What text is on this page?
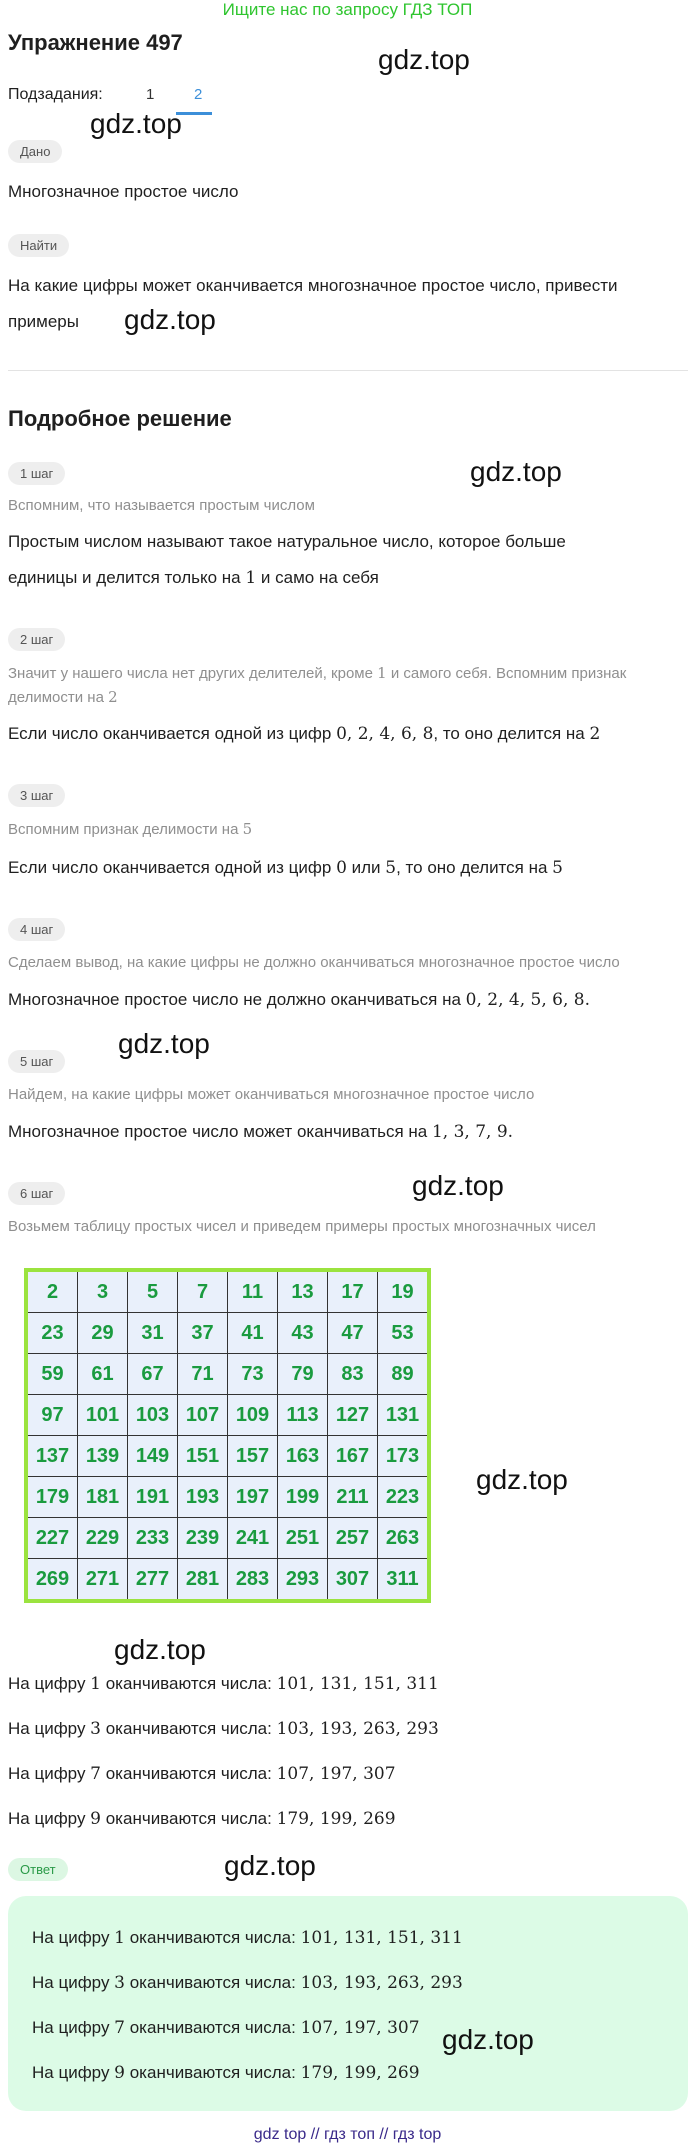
Ищите нас по запросу ГДЗ ТОП
Упражнение 497
gdz.top
Подзадания:	1	2
gdz.top
Дано
Многозначное простое число
Найти
На какие цифры может оканчивается многозначное простое число, привести
примеры gdz.top
Подробное решение
1 шаг	gdz.top
Вспомним, что называется простым числом
Простым числом называют такое натуральное число, которое больше
единицы и делится только на 1 и само на себя
2 шаг
Значит у нашего числа нет других делителей, кроме 1 и самого себя. Вспомним признак
делимости на 2
Если число оканчивается одной из цифр 0, 2, 4, 6, 8, то оно делится на 2
3 шаг
Вспомним признак делимости на 5
Если число оканчивается одной из цифр 0 или 5, то оно делится на 5
4 шаг
Сделаем вывод, на какие цифры не должно оканчиваться многозначное простое число
Многозначное простое число не должно оканчиваться на 0, 2, 4, 5, 6, 8.
5 шаг
gdz.top
Найдем, на какие цифры может оканчиваться многозначное простое число
Многозначное простое число может оканчиваться на 1, 3, 7, 9.
6 шаг	gdz.top
Возьмем таблицу простых чисел и приведем примеры простых многозначных чисел
2	3	5	7	11	13	17	19
23	29	31	37	41	43	47	53
59	61	67	71	73	79	83	89
97	101	103	107	109	113	127	131
137	139	149	151	157	163	167	173
179	181	191	193	197	199	211	223
227	229	233	239	241	251	257	263
269	271	277	281	283	293	307	311
gdz.top
gdz.top
На цифру 1 оканчиваются числа: 101, 131, 151, 311
На цифру 3 оканчиваются числа: 103, 193, 263, 293
На цифру 7 оканчиваются числа: 107, 197, 307
На цифру 9 оканчиваются числа: 179, 199, 269
Ответ	gdz.top
На цифру 1 оканчиваются числа: 101, 131, 151, 311
На цифру 3 оканчиваются числа: 103, 193, 263, 293
На цифру 7 оканчиваются числа: 107, 197, 307 gdz.top
На цифру 9 оканчиваются числа: 179, 199, 269
gdz top // гдз топ // гдз top
